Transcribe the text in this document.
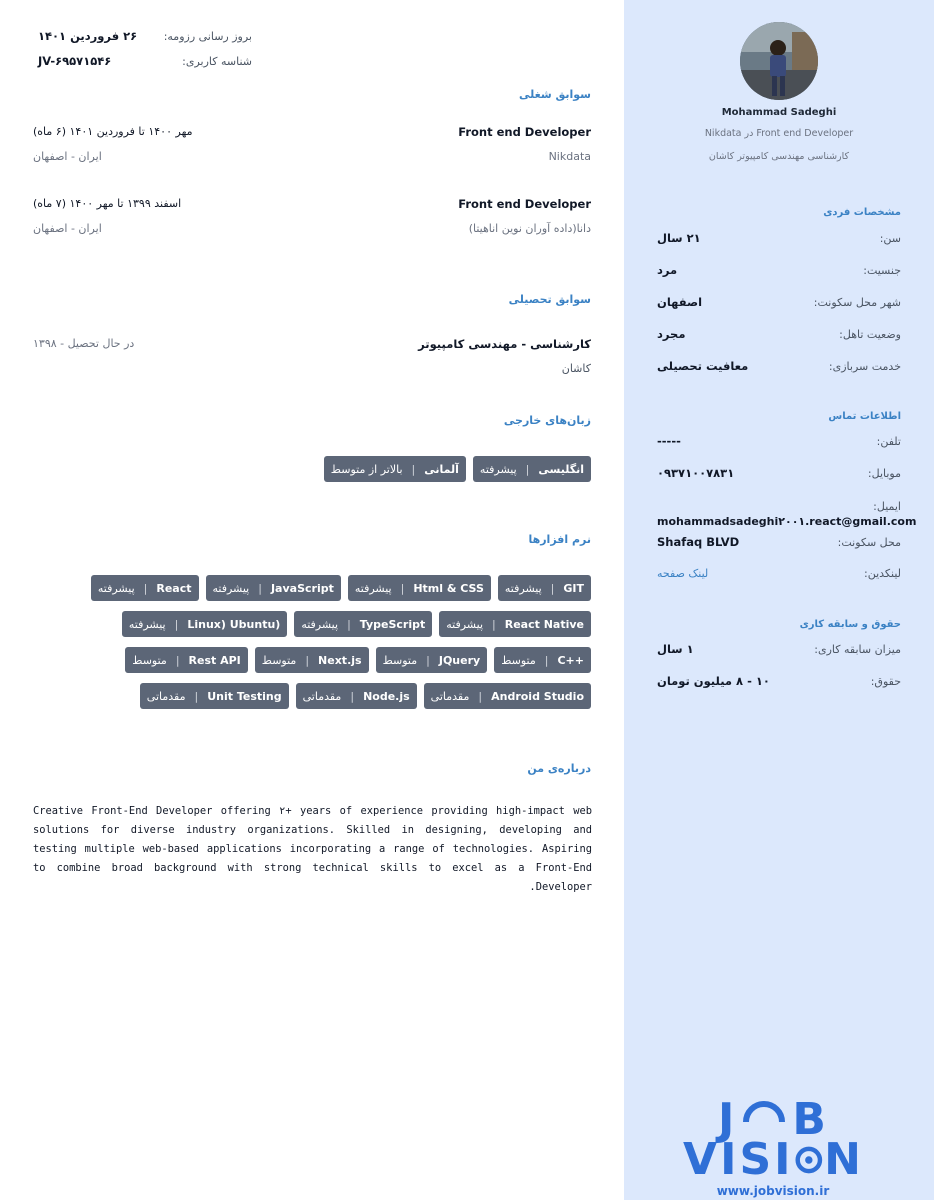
بروز رسانی رزومه:
۲۶ فروردین ۱۴۰۱
شناسه کاربری:
JV-۶۹۵۷۱۵۴۶
سوابق شغلی
Front end Developer
مهر ۱۴۰۰ تا فروردین ۱۴۰۱ (۶ ماه)
Nikdata
ایران - اصفهان
Front end Developer
اسفند ۱۳۹۹ تا مهر ۱۴۰۰ (۷ ماه)
دانا(داده آوران نوین اناهیتا)
ایران - اصفهان
سوابق تحصیلی
کارشناسی - مهندسی کامپیوتر
در حال تحصیل - ۱۳۹۸
کاشان
زبان‌های خارجی
انگلیسی
|
پیشرفته
آلمانی
|
بالاتر از متوسط
نرم افزارها
GIT
|
پیشرفته
Html & CSS
|
پیشرفته
JavaScript
|
پیشرفته
React
|
پیشرفته
React Native
|
پیشرفته
TypeScript
|
پیشرفته
Linux) Ubuntu)
|
پیشرفته
C++
|
متوسط
JQuery
|
متوسط
Next.js
|
متوسط
Rest API
|
متوسط
Android Studio
|
مقدماتی
Node.js
|
مقدماتی
Unit Testing
|
مقدماتی
درباره‌ی من

Creative Front-End Developer offering ۲+ years of experience providing high-impact web solutions for diverse industry organizations. Skilled in designing, developing and testing multiple web-based applications incorporating a range of technologies. Aspiring to combine broad background with strong technical skills to excel as a Front-End Developer.

Mohammad Sadeghi
Front end Developer در Nikdata
کارشناسی مهندسی کامپیوتر کاشان
مشخصات فردی
سن:
۲۱ سال
جنسیت:
مرد
شهر محل سکونت:
اصفهان
وضعیت تاهل:
مجرد
خدمت سربازی:
معافیت تحصیلی
اطلاعات تماس
تلفن:
-----
موبایل:
۰۹۳۷۱۰۰۷۸۳۱
ایمیل:
mohammadsadeghi۲۰۰۱.react@gmail.com
محل سکونت:
Shafaq BLVD
لینکدین:
لینک صفحه
حقوق و سابقه کاری
میزان سابقه کاری:
۱ سال
حقوق:
۱۰ - ۸ میلیون تومان
J B
V I S I N
www.jobvision.ir
